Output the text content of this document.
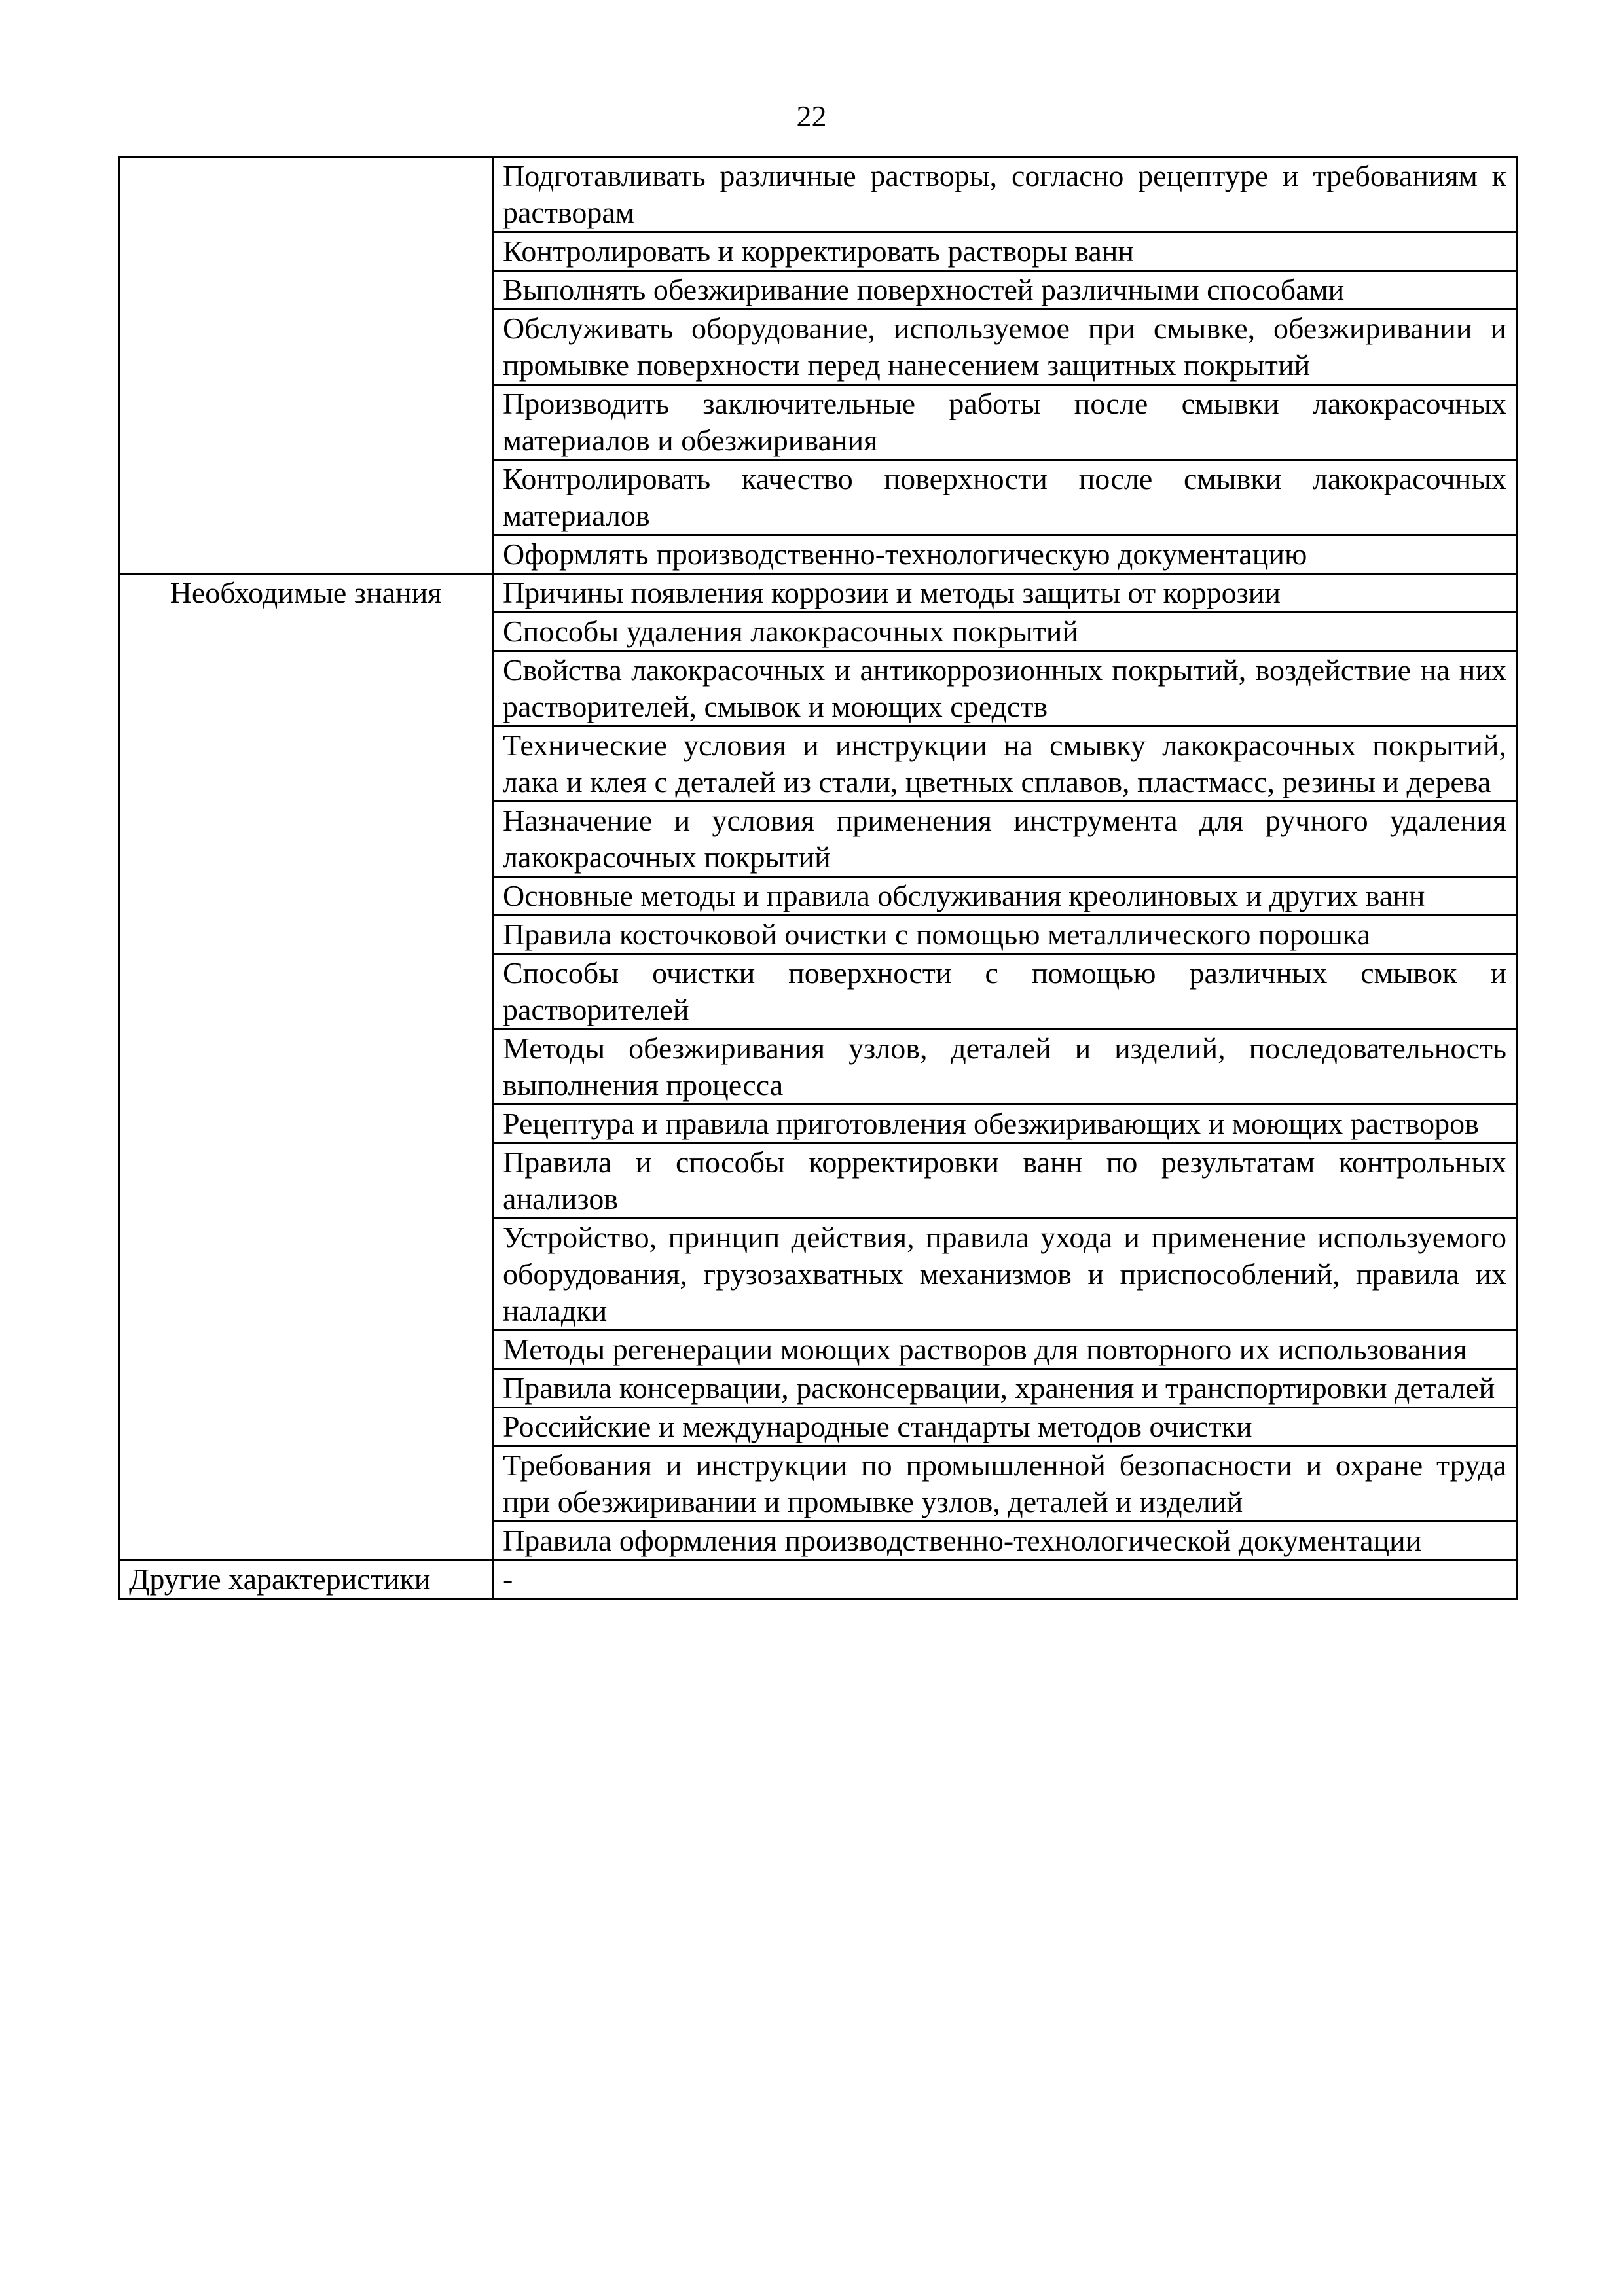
22
	Подготавливать различные растворы, согласно рецептуре и требованиям к растворам
	Контролировать и корректировать растворы ванн
	Выполнять обезжиривание поверхностей различными способами
	Обслуживать оборудование, используемое при смывке, обезжиривании и промывке поверхности перед нанесением защитных покрытий
	Производить заключительные работы после смывки лакокрасочных материалов и обезжиривания
	Контролировать качество поверхности после смывки лакокрасочных материалов
	Оформлять производственно-технологическую документацию
Необходимые знания	Причины появления коррозии и методы защиты от коррозии
	Способы удаления лакокрасочных покрытий
	Свойства лакокрасочных и антикоррозионных покрытий, воздействие на них растворителей, смывок и моющих средств
	Технические условия и инструкции на смывку лакокрасочных покрытий, лака и клея с деталей из стали, цветных сплавов, пластмасс, резины и дерева
	Назначение и условия применения инструмента для ручного удаления лакокрасочных покрытий
	Основные методы и правила обслуживания креолиновых и других ванн
	Правила косточковой очистки с помощью металлического порошка
	Способы очистки поверхности с помощью различных смывок и растворителей
	Методы обезжиривания узлов, деталей и изделий, последовательность выполнения процесса
	Рецептура и правила приготовления обезжиривающих и моющих растворов
	Правила и способы корректировки ванн по результатам контрольных анализов
	Устройство, принцип действия, правила ухода и применение используемого оборудования, грузозахватных механизмов и приспособлений, правила их наладки
	Методы регенерации моющих растворов для повторного их использования
	Правила консервации, расконсервации, хранения и транспортировки деталей
	Российские и международные стандарты методов очистки
	Требования и инструкции по промышленной безопасности и охране труда при обезжиривании и промывке узлов, деталей и изделий
	Правила оформления производственно-технологической документации
Другие характеристики	-
